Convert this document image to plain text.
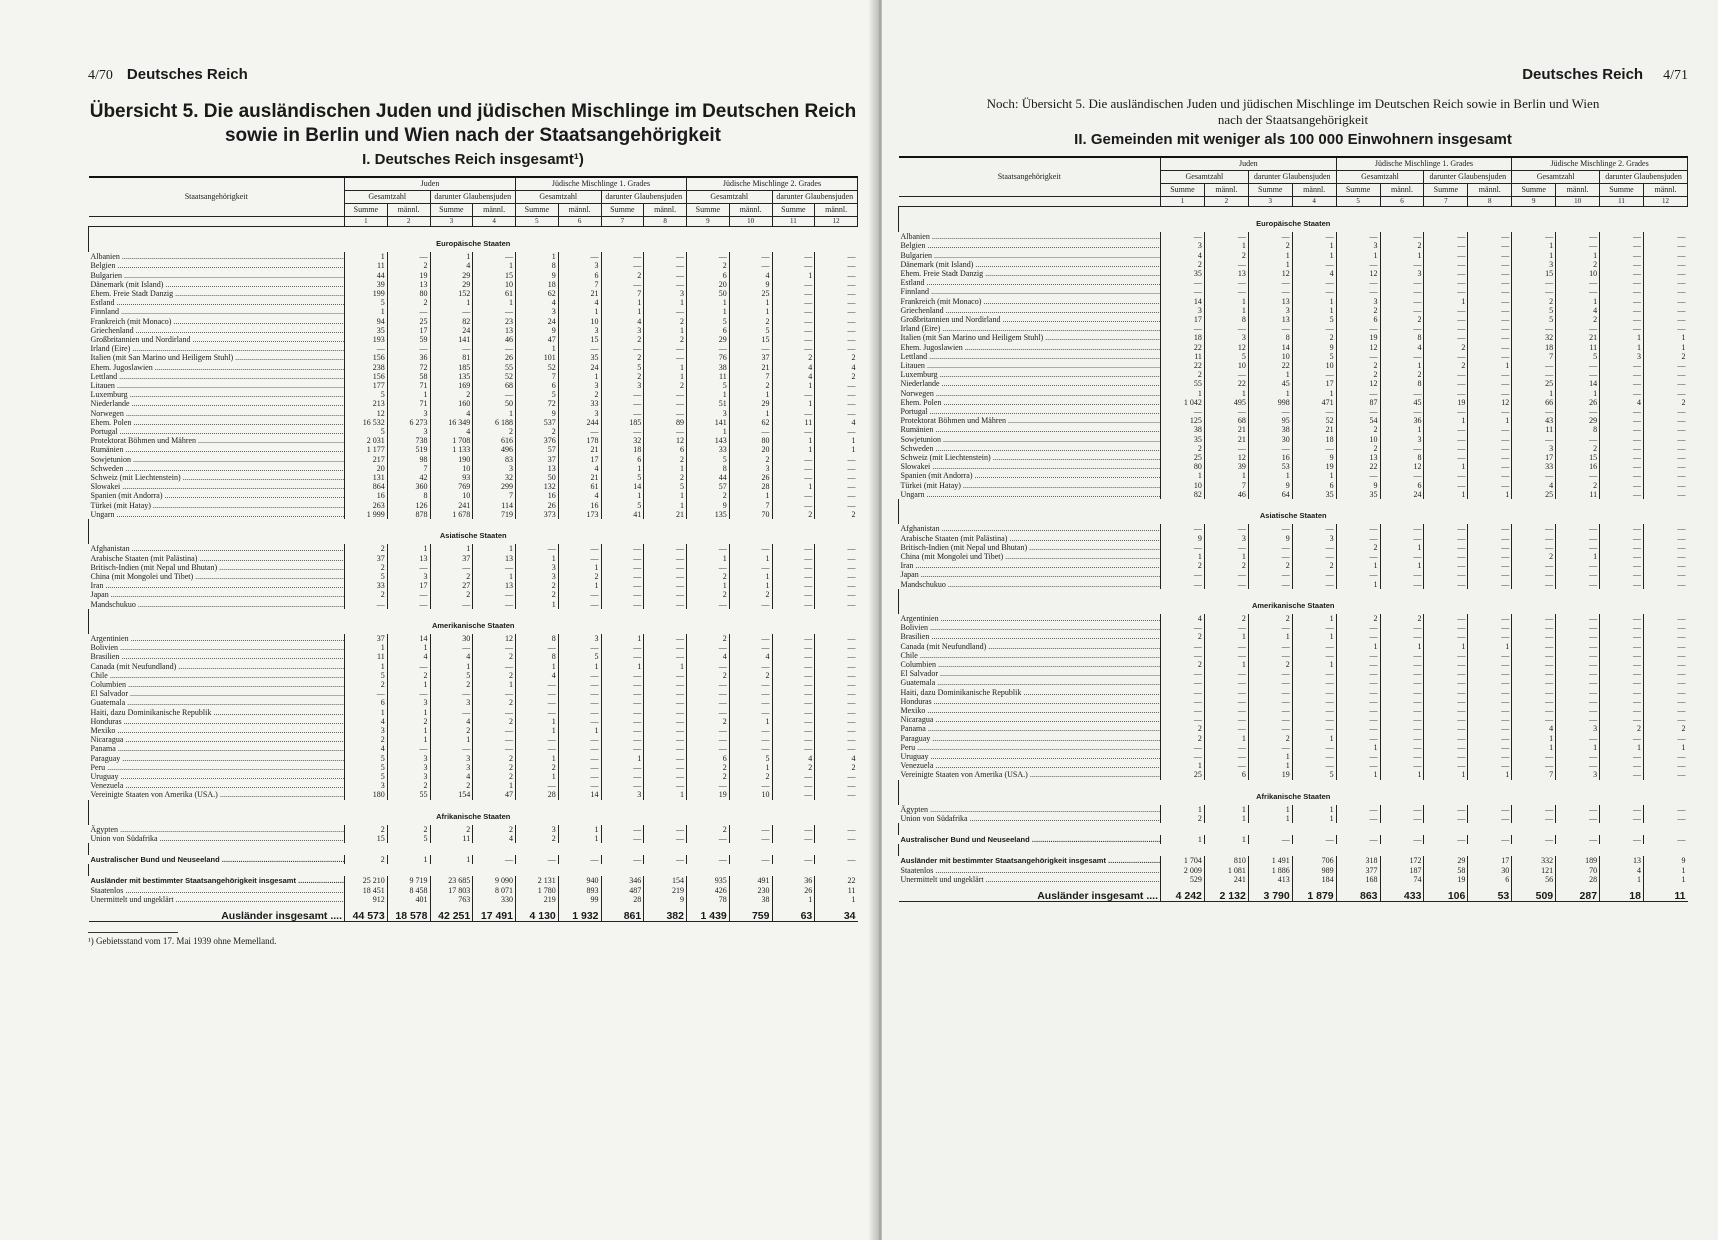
4/70 Deutsches Reich
Übersicht 5. Die ausländischen Juden und jüdischen Mischlinge im Deutschen Reich
sowie in Berlin und Wien nach der Staatsangehörigkeit
I. Deutsches Reich insgesamt¹)
Staatsangehörigkeit	Juden				Jüdische Mischlinge 1. Grades				Jüdische Mischlinge 2. Grades			
	Gesamtzahl		darunter Glaubensjuden		Gesamtzahl		darunter Glaubensjuden		Gesamtzahl		darunter Glaubensjuden	
	Summe	männl.	Summe	männl.	Summe	männl.	Summe	männl.	Summe	männl.	Summe	männl.
	1	2	3	4	5	6	7	8	9	10	11	12
Europäische Staaten												
Albanien .....	1	—	1	—	1	—	—	—	—	—	—	—
Belgien .....	11	2	4	1	8	3	—	—	2	—	—	—
Bulgarien .....	44	19	29	15	9	6	2	—	6	4	1	—
Dänemark (mit Island) .....	39	13	29	10	18	7	—	—	20	9	—	—
Ehem. Freie Stadt Danzig .....	199	80	152	61	62	21	7	3	50	25	—	—
Estland .....	5	2	1	1	4	4	1	1	1	1	—	—
Finnland .....	1	—	—	—	3	1	1	—	1	1	—	—
Frankreich (mit Monaco) .....	94	25	82	23	24	10	4	2	5	2	—	—
Griechenland .....	35	17	24	13	9	3	3	1	6	5	—	—
Großbritannien und Nordirland .....	193	59	141	46	47	15	2	2	29	15	—	—
Irland (Eire) .....	—	—	—	—	1	—	—	—	—	—	—	—
Italien (mit San Marino und Heiligem Stuhl) .....	156	36	81	26	101	35	2	—	76	37	2	2
Ehem. Jugoslawien .....	238	72	185	55	52	24	5	1	38	21	4	4
Lettland .....	156	58	135	52	7	1	2	1	11	7	4	2
Litauen .....	177	71	169	68	6	3	3	2	5	2	1	—
Luxemburg .....	5	1	2	—	5	2	—	—	1	1	—	—
Niederlande .....	213	71	160	50	72	33	—	—	51	29	1	—
Norwegen .....	12	3	4	1	9	3	—	—	3	1	—	—
Ehem. Polen .....	16 532	6 273	16 349	6 188	537	244	185	89	141	62	11	4
Portugal .....	5	3	4	2	2	—	—	—	1	—	—	—
Protektorat Böhmen und Mähren .....	2 031	738	1 708	616	376	178	32	12	143	80	1	1
Rumänien .....	1 177	519	1 133	496	57	21	18	6	33	20	1	1
Sowjetunion .....	217	98	190	83	37	17	6	2	5	2	—	—
Schweden .....	20	7	10	3	13	4	1	1	8	3	—	—
Schweiz (mit Liechtenstein) .....	131	42	93	32	50	21	5	2	44	26	—	—
Slowakei .....	864	360	769	299	132	61	14	5	57	28	1	—
Spanien (mit Andorra) .....	16	8	10	7	16	4	1	1	2	1	—	—
Türkei (mit Hatay) .....	263	126	241	114	26	16	5	1	9	7	—	—
Ungarn .....	1 999	878	1 678	719	373	173	41	21	135	70	2	2
Asiatische Staaten												
Afghanistan .....	2	1	1	1	—	—	—	—	—	—	—	—
Arabische Staaten (mit Palästina) .....	37	13	37	13	1	—	—	—	1	1	—	—
Britisch-Indien (mit Nepal und Bhutan) .....	2	—	—	—	3	1	—	—	—	—	—	—
China (mit Mongolei und Tibet) .....	5	3	2	1	3	2	—	—	2	1	—	—
Iran .....	33	17	27	13	2	1	—	—	1	1	—	—
Japan .....	2	—	2	—	2	—	—	—	2	2	—	—
Mandschukuo .....	—	—	—	—	1	—	—	—	—	—	—	—
Amerikanische Staaten												
Argentinien .....	37	14	30	12	8	3	1	—	2	—	—	—
Bolivien .....	1	1	—	—	—	—	—	—	—	—	—	—
Brasilien .....	11	4	4	2	8	5	—	—	4	4	—	—
Canada (mit Neufundland) .....	1	—	1	—	1	1	1	1	—	—	—	—
Chile .....	5	2	5	2	4	—	—	—	2	2	—	—
Columbien .....	2	1	2	1	—	—	—	—	—	—	—	—
El Salvador .....	—	—	—	—	—	—	—	—	—	—	—	—
Guatemala .....	6	3	3	2	—	—	—	—	—	—	—	—
Haiti, dazu Dominikanische Republik .....	1	1	—	—	—	—	—	—	—	—	—	—
Honduras .....	4	2	4	2	1	—	—	—	2	1	—	—
Mexiko .....	3	1	2	—	1	1	—	—	—	—	—	—
Nicaragua .....	2	1	1	—	—	—	—	—	—	—	—	—
Panama .....	4	—	—	—	—	—	—	—	—	—	—	—
Paraguay .....	5	3	3	2	1	—	1	—	6	5	4	4
Peru .....	5	3	3	2	2	—	—	—	2	1	2	2
Uruguay .....	5	3	4	2	1	—	—	—	2	2	—	—
Venezuela .....	3	2	2	1	—	—	—	—	—	—	—	—
Vereinigte Staaten von Amerika (USA.) .....	180	55	154	47	28	14	3	1	19	10	—	—
Afrikanische Staaten												
Ägypten .....	2	2	2	2	3	1	—	—	2	—	—	—
Union von Südafrika .....	15	5	11	4	2	1	—	—	—	—	—	—

Australischer Bund und Neuseeland .....	2	1	1	—	—	—	—	—	—	—	—	—

Ausländer mit bestimmter Staatsangehörigkeit insgesamt .....	25 210	9 719	23 685	9 090	2 131	940	346	154	935	491	36	22
Staatenlos .....	18 451	8 458	17 803	8 071	1 780	893	487	219	426	230	26	11
Unermittelt und ungeklärt .....	912	401	763	330	219	99	28	9	78	38	1	1
Ausländer insgesamt ....	44 573	18 578	42 251	17 491	4 130	1 932	861	382	1 439	759	63	34
¹) Gebietsstand vom 17. Mai 1939 ohne Memelland.
Deutsches Reich 4/71
Noch: Übersicht 5. Die ausländischen Juden und jüdischen Mischlinge im Deutschen Reich sowie in Berlin und Wien
nach der Staatsangehörigkeit
II. Gemeinden mit weniger als 100 000 Einwohnern insgesamt
Staatsangehörigkeit	Juden				Jüdische Mischlinge 1. Grades				Jüdische Mischlinge 2. Grades			
	Gesamtzahl		darunter Glaubensjuden		Gesamtzahl		darunter Glaubensjuden		Gesamtzahl		darunter Glaubensjuden	
	Summe	männl.	Summe	männl.	Summe	männl.	Summe	männl.	Summe	männl.	Summe	männl.
	1	2	3	4	5	6	7	8	9	10	11	12
Europäische Staaten												
Albanien .....	—	—	—	—	—	—	—	—	—	—	—	—
Belgien .....	3	1	2	1	3	2	—	—	1	—	—	—
Bulgarien .....	4	2	1	1	1	1	—	—	1	1	—	—
Dänemark (mit Island) .....	2	—	1	—	—	—	—	—	3	2	—	—
Ehem. Freie Stadt Danzig .....	35	13	12	4	12	3	—	—	15	10	—	—
Estland .....	—	—	—	—	—	—	—	—	—	—	—	—
Finnland .....	—	—	—	—	—	—	—	—	—	—	—	—
Frankreich (mit Monaco) .....	14	1	13	1	3	—	1	—	2	1	—	—
Griechenland .....	3	1	3	1	2	—	—	—	5	4	—	—
Großbritannien und Nordirland .....	17	8	13	5	6	2	—	—	5	2	—	—
Irland (Eire) .....	—	—	—	—	—	—	—	—	—	—	—	—
Italien (mit San Marino und Heiligem Stuhl) .....	18	3	8	2	19	8	—	—	32	21	1	1
Ehem. Jugoslawien .....	22	12	14	9	12	4	2	—	18	11	1	1
Lettland .....	11	5	10	5	—	—	—	—	7	5	3	2
Litauen .....	22	10	22	10	2	1	2	1	—	—	—	—
Luxemburg .....	2	—	1	—	2	2	—	—	—	—	—	—
Niederlande .....	55	22	45	17	12	8	—	—	25	14	—	—
Norwegen .....	1	1	1	1	—	—	—	—	1	1	—	—
Ehem. Polen .....	1 042	495	998	471	87	45	19	12	66	26	4	2
Portugal .....	—	—	—	—	—	—	—	—	—	—	—	—
Protektorat Böhmen und Mähren .....	125	68	95	52	54	36	1	1	43	29	—	—
Rumänien .....	38	21	38	21	2	1	—	—	11	8	—	—
Sowjetunion .....	35	21	30	18	10	3	—	—	—	—	—	—
Schweden .....	2	—	—	—	2	—	—	—	3	2	—	—
Schweiz (mit Liechtenstein) .....	25	12	16	9	13	8	—	—	17	15	—	—
Slowakei .....	80	39	53	19	22	12	1	—	33	16	—	—
Spanien (mit Andorra) .....	1	1	1	1	—	—	—	—	—	—	—	—
Türkei (mit Hatay) .....	10	7	9	6	9	6	—	—	4	2	—	—
Ungarn .....	82	46	64	35	35	24	1	1	25	11	—	—
Asiatische Staaten												
Afghanistan .....	—	—	—	—	—	—	—	—	—	—	—	—
Arabische Staaten (mit Palästina) .....	9	3	9	3	—	—	—	—	—	—	—	—
Britisch-Indien (mit Nepal und Bhutan) .....	—	—	—	—	2	1	—	—	—	—	—	—
China (mit Mongolei und Tibet) .....	1	1	—	—	—	—	—	—	2	1	—	—
Iran .....	2	2	2	2	1	1	—	—	—	—	—	—
Japan .....	—	—	—	—	—	—	—	—	—	—	—	—
Mandschukuo .....	—	—	—	—	1	—	—	—	—	—	—	—
Amerikanische Staaten												
Argentinien .....	4	2	2	1	2	2	—	—	—	—	—	—
Bolivien .....	—	—	—	—	—	—	—	—	—	—	—	—
Brasilien .....	2	1	1	1	—	—	—	—	—	—	—	—
Canada (mit Neufundland) .....	—	—	—	—	1	1	1	1	—	—	—	—
Chile .....	—	—	—	—	—	—	—	—	—	—	—	—
Columbien .....	2	1	2	1	—	—	—	—	—	—	—	—
El Salvador .....	—	—	—	—	—	—	—	—	—	—	—	—
Guatemala .....	—	—	—	—	—	—	—	—	—	—	—	—
Haiti, dazu Dominikanische Republik .....	—	—	—	—	—	—	—	—	—	—	—	—
Honduras .....	—	—	—	—	—	—	—	—	—	—	—	—
Mexiko .....	—	—	—	—	—	—	—	—	—	—	—	—
Nicaragua .....	—	—	—	—	—	—	—	—	—	—	—	—
Panama .....	2	—	—	—	—	—	—	—	4	3	2	2
Paraguay .....	2	1	2	1	—	—	—	—	1	—	—	—
Peru .....	—	—	—	—	1	—	—	—	1	1	1	1
Uruguay .....	—	—	1	—	—	—	—	—	—	—	—	—
Venezuela .....	1	—	1	—	—	—	—	—	—	—	—	—
Vereinigte Staaten von Amerika (USA.) .....	25	6	19	5	1	1	1	1	7	3	—	—
Afrikanische Staaten												
Ägypten .....	1	1	1	1	—	—	—	—	—	—	—	—
Union von Südafrika .....	2	1	1	1	—	—	—	—	—	—	—	—

Australischer Bund und Neuseeland .....	1	1	—	—	—	—	—	—	—	—	—	—

Ausländer mit bestimmter Staatsangehörigkeit insgesamt .....	1 704	810	1 491	706	318	172	29	17	332	189	13	9
Staatenlos .....	2 009	1 081	1 886	989	377	187	58	30	121	70	4	1
Unermittelt und ungeklärt .....	529	241	413	184	168	74	19	6	56	28	1	1
Ausländer insgesamt ....	4 242	2 132	3 790	1 879	863	433	106	53	509	287	18	11
